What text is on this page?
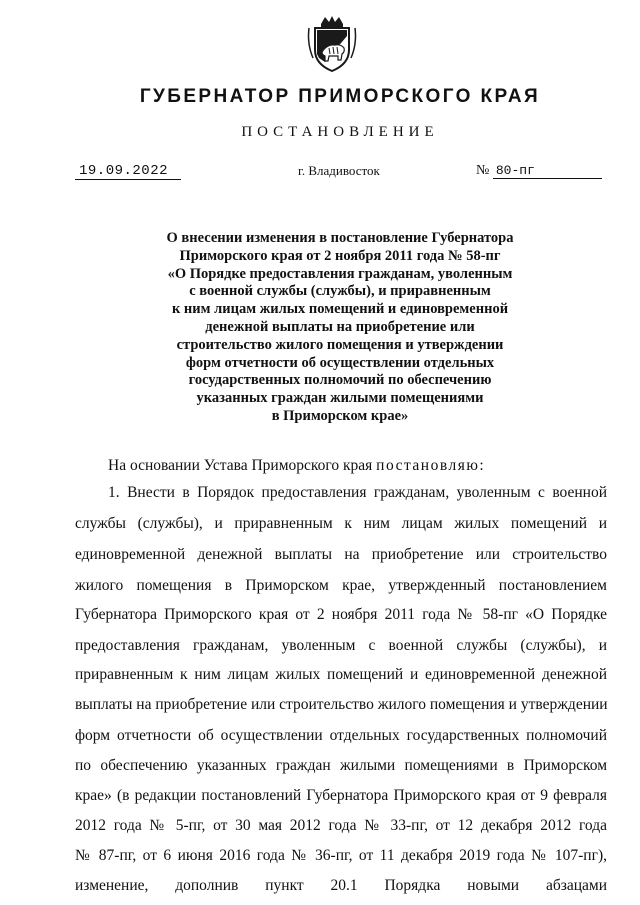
ГУБЕРНАТОР ПРИМОРСКОГО КРАЯ
ПОСТАНОВЛЕНИЕ
19.09.2022	г. Владивосток	№ 80-пг
О внесении изменения в постановление Губернатора
Приморского края от 2 ноября 2011 года № 58-пг
«О Порядке предоставления гражданам, уволенным
с военной службы (службы), и приравненным
к ним лицам жилых помещений и единовременной
денежной выплаты на приобретение или
строительство жилого помещения и утверждении
форм отчетности об осуществлении отдельных
государственных полномочий по обеспечению
указанных граждан жилыми помещениями
в Приморском крае»
На основании Устава Приморского края постановляю:
1. Внести в Порядок предоставления гражданам, уволенным с военной
службы (службы), и приравненным к ним лицам жилых помещений и
единовременной денежной выплаты на приобретение или строительство
жилого помещения в Приморском крае, утвержденный постановлением
Губернатора Приморского края от 2 ноября 2011 года № 58-пг «О Порядке
предоставления гражданам, уволенным с военной службы (службы), и
приравненным к ним лицам жилых помещений и единовременной денежной
выплаты на приобретение или строительство жилого помещения и утверждении
форм отчетности об осуществлении отдельных государственных полномочий
по обеспечению указанных граждан жилыми помещениями в Приморском
крае» (в редакции постановлений Губернатора Приморского края от 9 февраля
2012 года № 5-пг, от 30 мая 2012 года № 33-пг, от 12 декабря 2012 года
№ 87-пг, от 6 июня 2016 года № 36-пг, от 11 декабря 2019 года № 107-пг),
изменение, дополнив пункт 20.1 Порядка новыми абзацами
